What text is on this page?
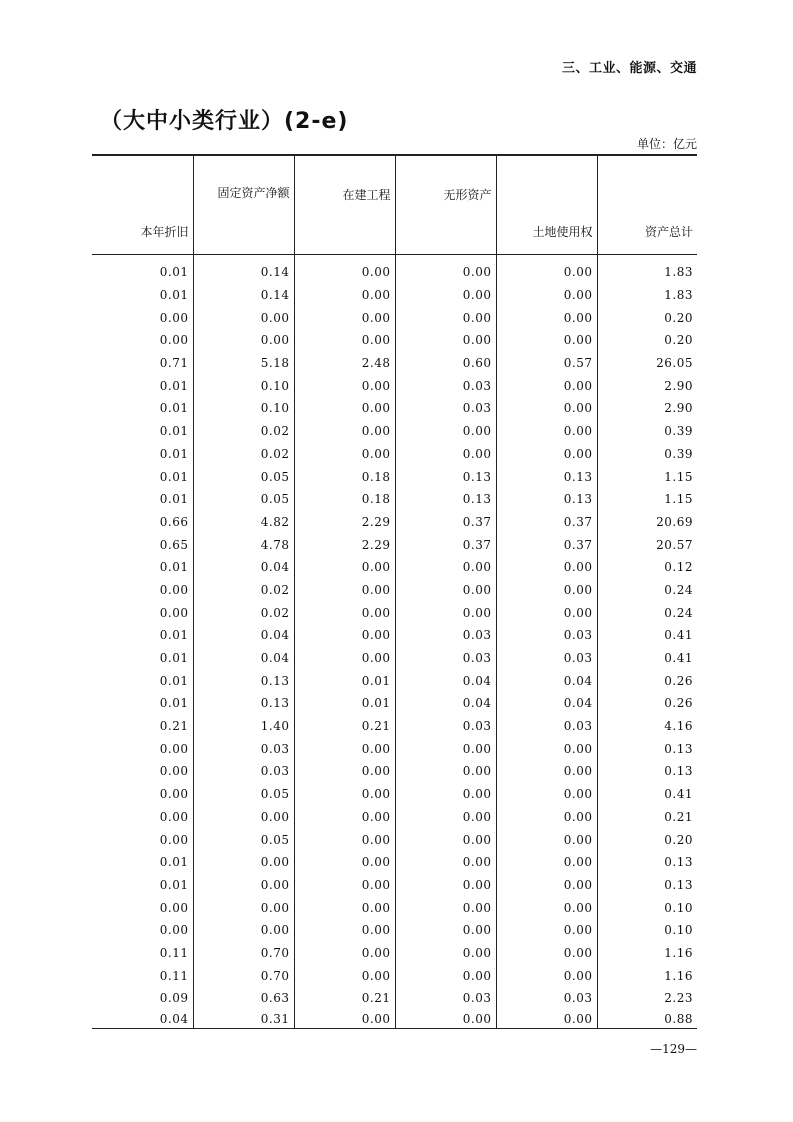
三、工业、能源、交通
（大中小类行业）(2-e)
单位：亿元
本年折旧	固定资产净额	在建工程	无形资产	土地使用权	资产总计
0.01	0.14	0.00	0.00	0.00	1.83
0.01	0.14	0.00	0.00	0.00	1.83
0.00	0.00	0.00	0.00	0.00	0.20
0.00	0.00	0.00	0.00	0.00	0.20
0.71	5.18	2.48	0.60	0.57	26.05
0.01	0.10	0.00	0.03	0.00	2.90
0.01	0.10	0.00	0.03	0.00	2.90
0.01	0.02	0.00	0.00	0.00	0.39
0.01	0.02	0.00	0.00	0.00	0.39
0.01	0.05	0.18	0.13	0.13	1.15
0.01	0.05	0.18	0.13	0.13	1.15
0.66	4.82	2.29	0.37	0.37	20.69
0.65	4.78	2.29	0.37	0.37	20.57
0.01	0.04	0.00	0.00	0.00	0.12
0.00	0.02	0.00	0.00	0.00	0.24
0.00	0.02	0.00	0.00	0.00	0.24
0.01	0.04	0.00	0.03	0.03	0.41
0.01	0.04	0.00	0.03	0.03	0.41
0.01	0.13	0.01	0.04	0.04	0.26
0.01	0.13	0.01	0.04	0.04	0.26
0.21	1.40	0.21	0.03	0.03	4.16
0.00	0.03	0.00	0.00	0.00	0.13
0.00	0.03	0.00	0.00	0.00	0.13
0.00	0.05	0.00	0.00	0.00	0.41
0.00	0.00	0.00	0.00	0.00	0.21
0.00	0.05	0.00	0.00	0.00	0.20
0.01	0.00	0.00	0.00	0.00	0.13
0.01	0.00	0.00	0.00	0.00	0.13
0.00	0.00	0.00	0.00	0.00	0.10
0.00	0.00	0.00	0.00	0.00	0.10
0.11	0.70	0.00	0.00	0.00	1.16
0.11	0.70	0.00	0.00	0.00	1.16
0.09	0.63	0.21	0.03	0.03	2.23
0.04	0.31	0.00	0.00	0.00	0.88
—129—
